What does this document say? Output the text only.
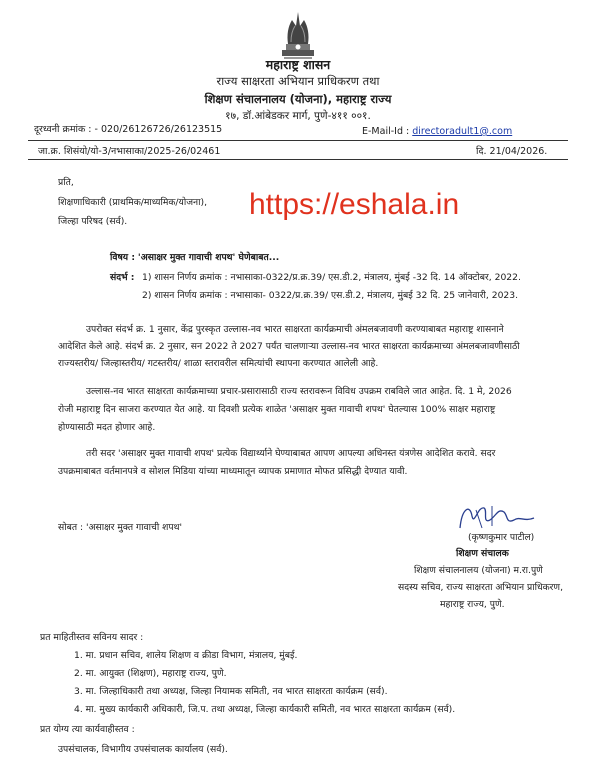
महाराष्ट्र शासन
राज्य साक्षरता अभियान प्राधिकरण तथा
शिक्षण संचालनालय (योजना), महाराष्ट्र राज्य
१७, डॉ.आंबेडकर मार्ग, पुणे-४११ ००१.
दूरध्वनी क्रमांक : - 020/26126726/26123515	E-Mail-Id : directoradult1@.com
जा.क्र. शिसंयो/यो-3/नभासाका/2025-26/02461	दि. 21/04/2026.
https://eshala.in
प्रति,
शिक्षणाधिकारी (प्राथमिक/माध्यमिक/योजना),
जिल्हा परिषद (सर्व).
विषय : 'असाक्षर मुक्त गावाची शपथ' घेणेबाबत...
संदर्भ : 1) शासन निर्णय क्रमांक : नभासाका-0322/प्र.क्र.39/ एस.डी.2, मंत्रालय, मुंबई -32 दि. 14 ऑक्टोबर, 2022.
2) शासन निर्णय क्रमांक : नभासाका- 0322/प्र.क्र.39/ एस.डी.2, मंत्रालय, मुंबई 32 दि. 25 जानेवारी, 2023.
उपरोक्त संदर्भ क्र. 1 नुसार, केंद्र पुरस्कृत उल्लास-नव भारत साक्षरता कार्यक्रमाची अंमलबजावणी करण्याबाबत महाराष्ट्र शासनाने
आदेशित केले आहे. संदर्भ क्र. 2 नुसार, सन 2022 ते 2027 पर्यंत चालणाऱ्या उल्लास-नव भारत साक्षरता कार्यक्रमाच्या अंमलबजावणीसाठी
राज्यस्तरीय/ जिल्हास्तरीय/ गटस्तरीय/ शाळा स्तरावरील समित्यांची स्थापना करण्यात आलेली आहे.
उल्लास-नव भारत साक्षरता कार्यक्रमाच्या प्रचार-प्रसारासाठी राज्य स्तरावरून विविध उपक्रम राबविले जात आहेत. दि. 1 मे, 2026
रोजी महाराष्ट्र दिन साजरा करण्यात येत आहे. या दिवशी प्रत्येक शाळेत 'असाक्षर मुक्त गावाची शपथ' घेतल्यास 100% साक्षर महाराष्ट्र
होण्यासाठी मदत होणार आहे.
तरी सदर 'असाक्षर मुक्त गावाची शपथ' प्रत्येक विद्यार्थ्याने घेण्याबाबत आपण आपल्या अधिनस्त यंत्रणेस आदेशित करावे. सदर
उपक्रमाबाबत वर्तमानपत्रे व सोशल मिडिया यांच्या माध्यमातून व्यापक प्रमाणात मोफत प्रसिद्धी देण्यात यावी.
सोबत : 'असाक्षर मुक्त गावाची शपथ'
(कृष्णकुमार पाटील)
शिक्षण संचालक
शिक्षण संचालनालय (योजना) म.रा.पुणे
सदस्य सचिव, राज्य साक्षरता अभियान प्राधिकरण,
महाराष्ट्र राज्य, पुणे.
प्रत माहितीस्तव सविनय सादर :
1. मा. प्रधान सचिव, शालेय शिक्षण व क्रीडा विभाग, मंत्रालय, मुंबई.
2. मा. आयुक्त (शिक्षण), महाराष्ट्र राज्य, पुणे.
3. मा. जिल्हाधिकारी तथा अध्यक्ष, जिल्हा नियामक समिती, नव भारत साक्षरता कार्यक्रम (सर्व).
4. मा. मुख्य कार्यकारी अधिकारी, जि.प. तथा अध्यक्ष, जिल्हा कार्यकारी समिती, नव भारत साक्षरता कार्यक्रम (सर्व).
प्रत योग्य त्या कार्यवाहीस्तव :
उपसंचालक, विभागीय उपसंचालक कार्यालय (सर्व).
